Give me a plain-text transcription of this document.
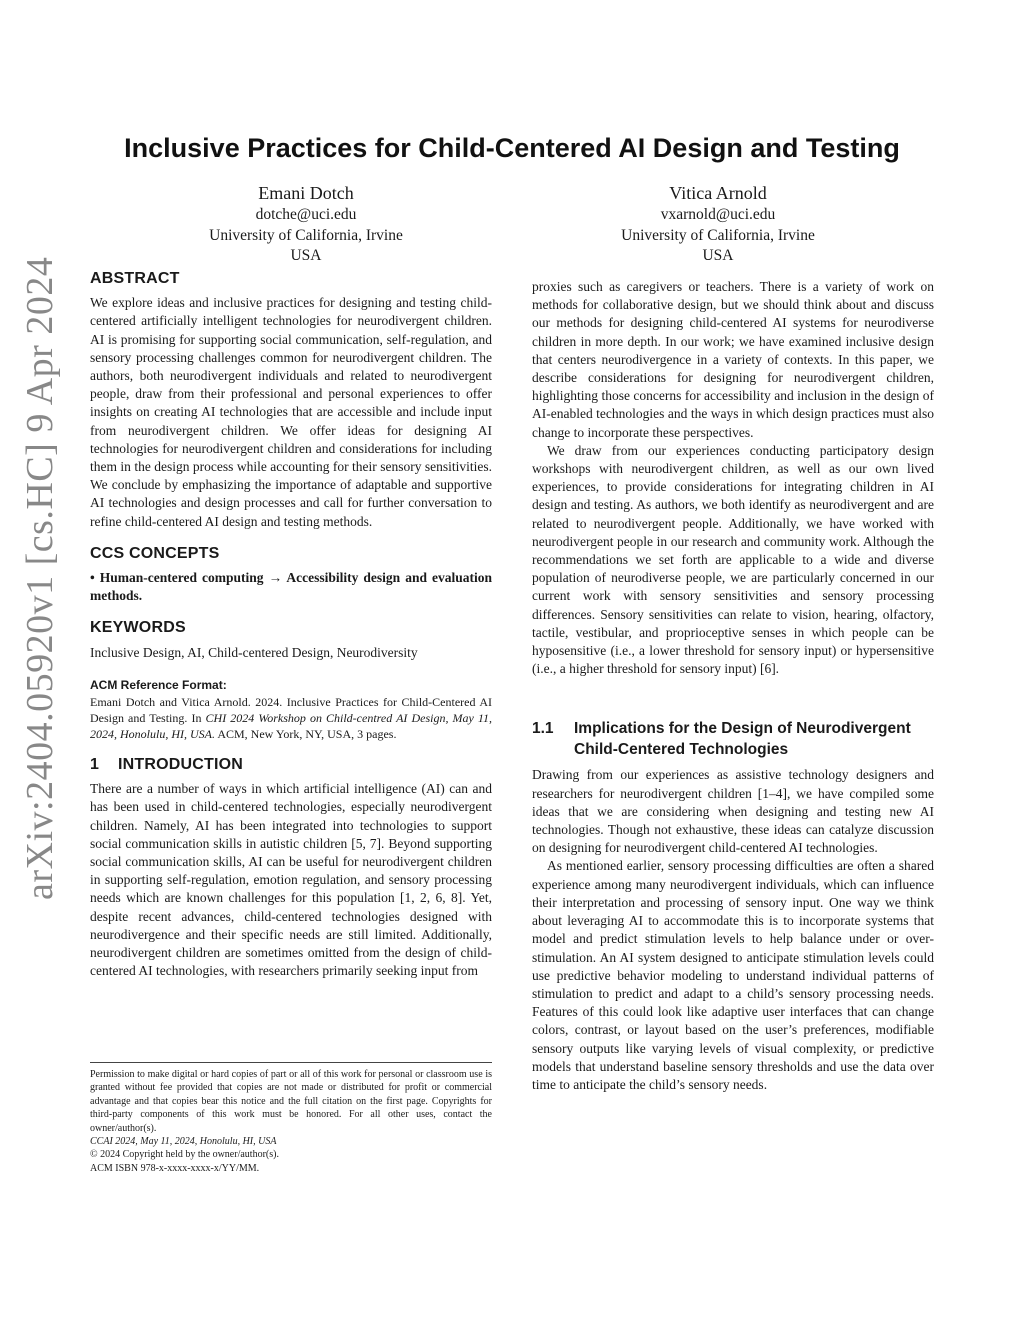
arXiv:2404.05920v1 [cs.HC] 9 Apr 2024
Inclusive Practices for Child-Centered AI Design and Testing
Emani Dotch
dotche@uci.edu
University of California, Irvine
USA
Vitica Arnold
vxarnold@uci.edu
University of California, Irvine
USA
ABSTRACT

We explore ideas and inclusive practices for designing and testing child-centered artificially intelligent technologies for neurodivergent children. AI is promising for supporting social communication, self-regulation, and sensory processing challenges common for neurodivergent children. The authors, both neurodivergent individuals and related to neurodivergent people, draw from their professional and personal experiences to offer insights on creating AI technologies that are accessible and include input from neurodivergent children. We offer ideas for designing AI technologies for neurodivergent children and considerations for including them in the design process while accounting for their sensory sensitivities. We conclude by emphasizing the importance of adaptable and supportive AI technologies and design processes and call for further conversation to refine child-centered AI design and testing methods.

CCS CONCEPTS

• Human-centered computing → Accessibility design and evaluation methods.

KEYWORDS

Inclusive Design, AI, Child-centered Design, Neurodiversity

ACM Reference Format:

Emani Dotch and Vitica Arnold. 2024. Inclusive Practices for Child-Centered AI Design and Testing. In CHI 2024 Workshop on Child-centred AI Design, May 11, 2024, Honolulu, HI, USA. ACM, New York, NY, USA, 3 pages.

1 INTRODUCTION

There are a number of ways in which artificial intelligence (AI) can and has been used in child-centered technologies, especially neurodivergent children. Namely, AI has been integrated into technologies to support social communication skills in autistic children [5, 7]. Beyond supporting social communication skills, AI can be useful for neurodivergent children in supporting self-regulation, emotion regulation, and sensory processing needs which are known challenges for this population [1, 2, 6, 8]. Yet, despite recent advances, child-centered technologies designed with neurodivergence and their specific needs are still limited. Additionally, neurodivergent children are sometimes omitted from the design of child-centered AI technologies, with researchers primarily seeking input from

Permission to make digital or hard copies of part or all of this work for personal or classroom use is granted without fee provided that copies are not made or distributed for profit or commercial advantage and that copies bear this notice and the full citation on the first page. Copyrights for third-party components of this work must be honored. For all other uses, contact the owner/author(s).
CCAI 2024, May 11, 2024, Honolulu, HI, USA
© 2024 Copyright held by the owner/author(s).
ACM ISBN 978-x-xxxx-xxxx-x/YY/MM.

proxies such as caregivers or teachers. There is a variety of work on methods for collaborative design, but we should think about and discuss our methods for designing child-centered AI systems for neurodiverse children in more depth. In our work; we have examined inclusive design that centers neurodivergence in a variety of contexts. In this paper, we describe considerations for designing for neurodivergent children, highlighting those concerns for accessibility and inclusion in the design of AI-enabled technologies and the ways in which design practices must also change to incorporate these perspectives.

We draw from our experiences conducting participatory design workshops with neurodivergent children, as well as our own lived experiences, to provide considerations for integrating children in AI design and testing. As authors, we both identify as neurodivergent and are related to neurodivergent people. Additionally, we have worked with neurodivergent people in our research and community work. Although the recommendations we set forth are applicable to a wide and diverse population of neurodiverse people, we are particularly concerned in our current work with sensory sensitivities and sensory processing differences. Sensory sensitivities can relate to vision, hearing, olfactory, tactile, vestibular, and proprioceptive senses in which people can be hyposensitive (i.e., a lower threshold for sensory input) or hypersensitive (i.e., a higher threshold for sensory input) [6].

1.1	Implications for the Design of Neurodivergent Child-Centered Technologies

Drawing from our experiences as assistive technology designers and researchers for neurodivergent children [1–4], we have compiled some ideas that we are considering when designing and testing new AI technologies. Though not exhaustive, these ideas can catalyze discussion on designing for neurodivergent child-centered AI technologies.

As mentioned earlier, sensory processing difficulties are often a shared experience among many neurodivergent individuals, which can influence their interpretation and processing of sensory input. One way we think about leveraging AI to accommodate this is to incorporate systems that model and predict stimulation levels to help balance under or over-stimulation. An AI system designed to anticipate stimulation levels could use predictive behavior modeling to understand individual patterns of stimulation to predict and adapt to a child’s sensory processing needs. Features of this could look like adaptive user interfaces that can change colors, contrast, or layout based on the user’s preferences, modifiable sensory outputs like varying levels of visual complexity, or predictive models that understand baseline sensory thresholds and use the data over time to anticipate the child’s sensory needs.
